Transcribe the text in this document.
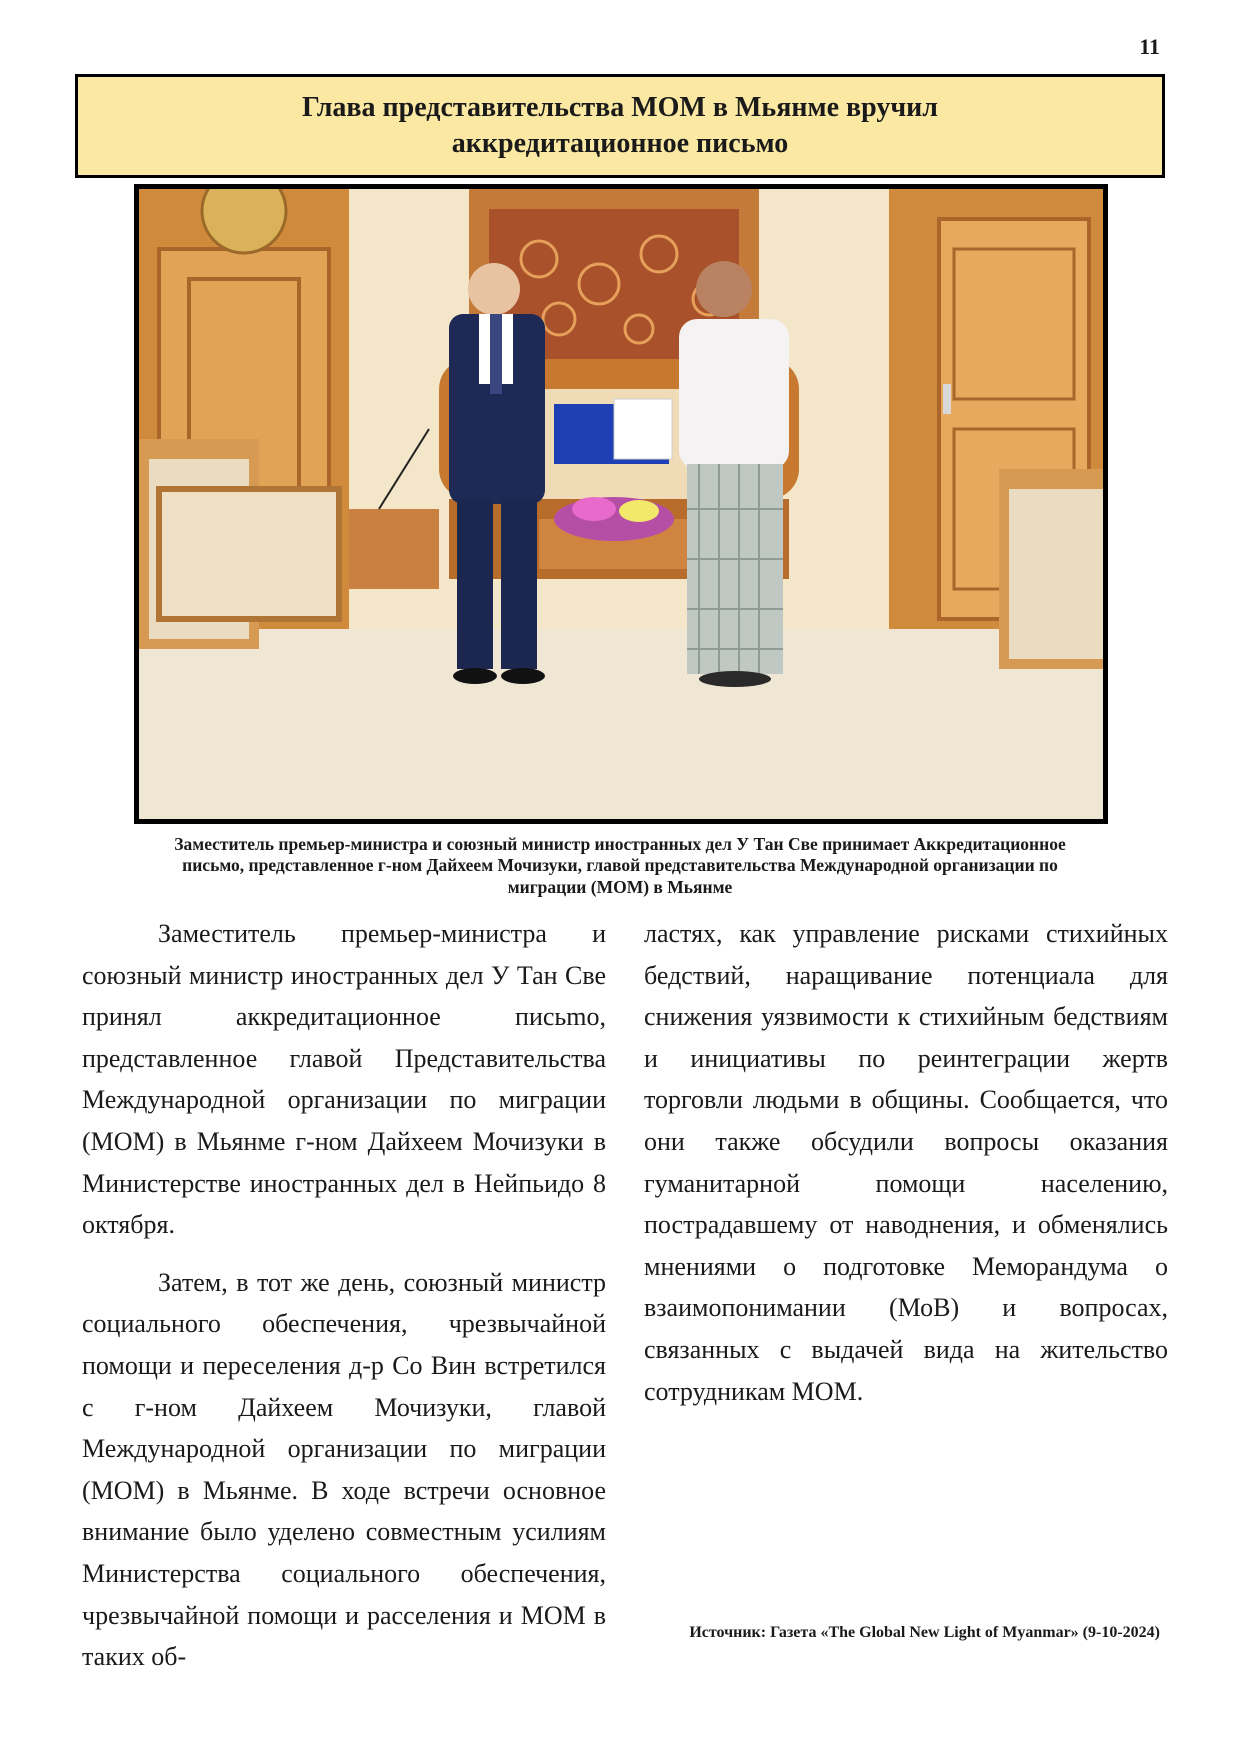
11
Глава представительства МОМ в Мьянме вручил
аккредитационное письмо
Заместитель премьер-министра и союзный министр иностранных дел У Тан Све принимает Аккредитационное
письмо, представленное г-ном Дайхеем Мочизуки, главой представительства Международной организации по
миграции (МОМ) в Мьянме

Заместитель премьер-министра и союзный министр иностранных дел У Тан Све принял аккредитационное письmo, представленное главой Представительства Международной организации по миграции (МОМ) в Мьянме г-ном Дайхеем Мочизуки в Министерстве иностранных дел в Нейпьидо 8 октября.

Затем, в тот же день, союзный министр социального обеспечения, чрезвычайной помощи и переселения д-р Со Вин встретился с г-ном Дайхеем Мочизуки, главой Международной организации по миграции (МОМ) в Мьянме. В ходе встречи основное внимание было уделено совместным усилиям Министерства социального обеспечения, чрезвычайной помощи и расселения и МОМ в таких об-

ластях, как управление рисками стихийных бедствий, наращивание потенциала для снижения уязвимости к стихийным бедствиям и инициативы по реинтеграции жертв торговли людьми в общины. Сообщается, что они также обсудили вопросы оказания гуманитарной помощи населению, пострадавшему от наводнения, и обменялись мнениями о подготовке Меморандума о взаимопонимании (МоВ) и вопросах, связанных с выдачей вида на жительство сотрудникам МОМ.

Источник: Газета «The Global New Light of Myanmar» (9-10-2024)
